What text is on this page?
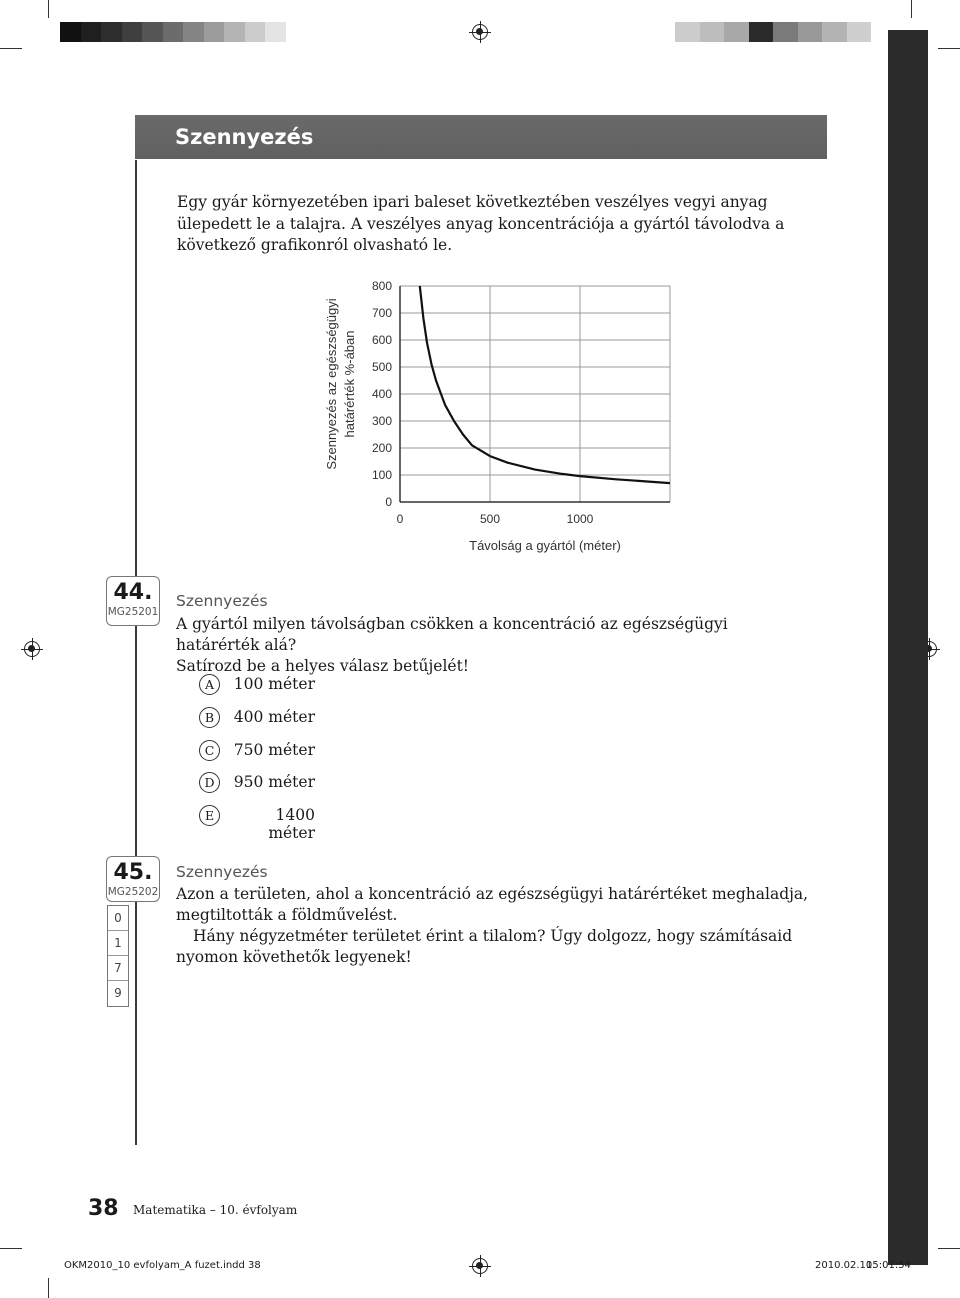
Szennyezés
Egy gyár környezetében ipari baleset következtében veszélyes vegyi anyag ülepedett le a talajra. A veszélyes anyag koncentrációja a gyártól távolodva a következő grafikonról olvasható le.
0
100
200
300
400
500
600
700
800
0	500	1000
Távolság a gyártól (méter)
Szennyezés az egészségügyi határérték %-ában
44.
MG25201
Szennyezés
A gyártól milyen távolságban csökken a koncentráció az egészségügyi határérték alá?
Satírozd be a helyes válasz betűjelét!
A	100 méter
B	400 méter
C	750 méter
D	950 méter
E	1400 méter
45.
MG25202
0
1
7
9
Szennyezés
Azon a területen, ahol a koncentráció az egészségügyi határértéket meghaladja, megtiltották a földművelést.
Hány négyzetméter területet érint a tilalom? Úgy dolgozz, hogy számításaid nyomon követhetők legyenek!
38 Matematika – 10. évfolyam
OKM2010_10 evfolyam_A fuzet.indd 38	2010.02.10.
15:01:54
